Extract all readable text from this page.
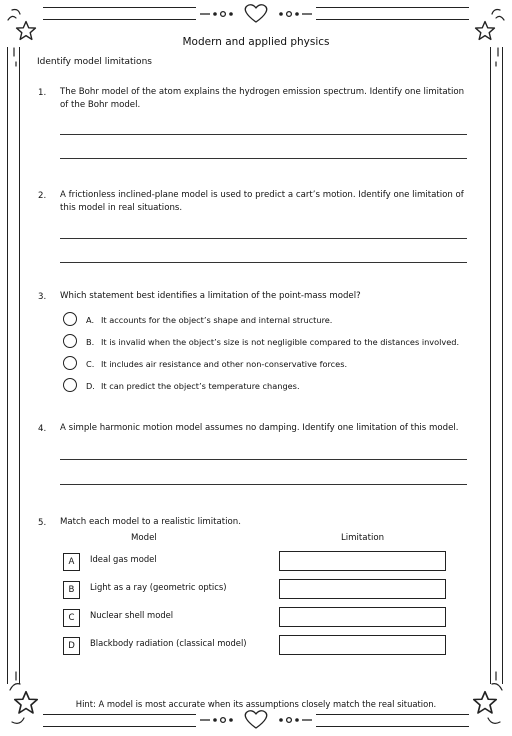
Modern and applied physics
Identify model limitations
1. The Bohr model of the atom explains the hydrogen emission spectrum. Identify one limitation of the Bohr model.
2. A frictionless inclined-plane model is used to predict a cart’s motion. Identify one limitation of this model in real situations.
3. Which statement best identifies a limitation of the point-mass model?
A. It accounts for the object’s shape and internal structure.
B. It is invalid when the object’s size is not negligible compared to the distances involved.
C. It includes air resistance and other non-conservative forces.
D. It can predict the object’s temperature changes.
4. A simple harmonic motion model assumes no damping. Identify one limitation of this model.
5. Match each model to a realistic limitation.
Model	Limitation
A	Ideal gas model
B	Light as a ray (geometric optics)
C	Nuclear shell model
D	Blackbody radiation (classical model)
Hint: A model is most accurate when its assumptions closely match the real situation.
